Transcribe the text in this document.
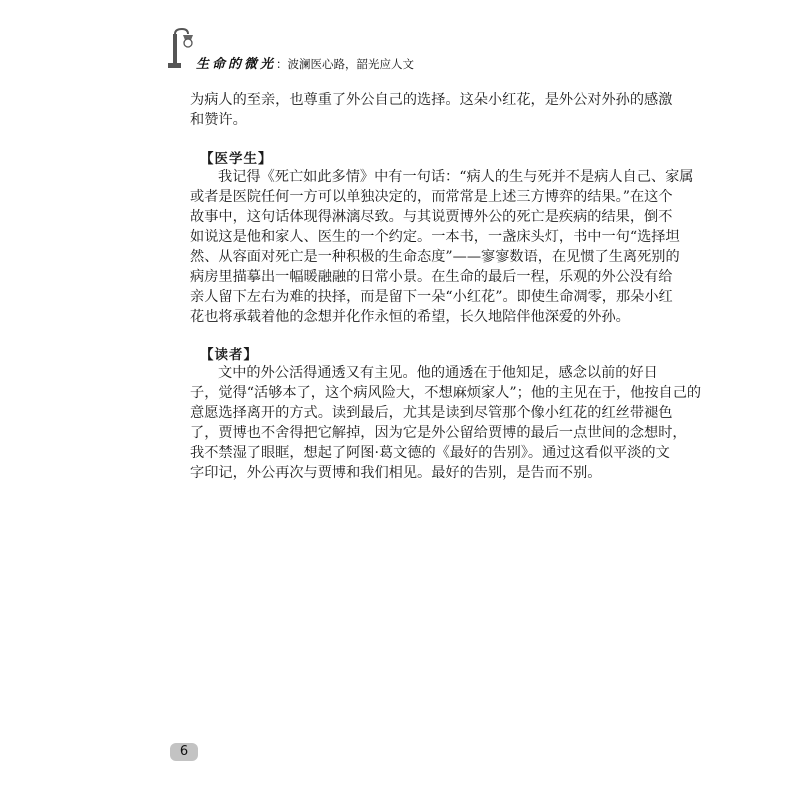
生命的微光：波澜医心路，韶光应人文
为病人的至亲，也尊重了外公自己的选择。这朵小红花，是外公对外孙的感激
和赞许。
【医学生】
我记得《死亡如此多情》中有一句话：“病人的生与死并不是病人自己、家属
或者是医院任何一方可以单独决定的，而常常是上述三方博弈的结果。”在这个
故事中，这句话体现得淋漓尽致。与其说贾博外公的死亡是疾病的结果，倒不
如说这是他和家人、医生的一个约定。一本书，一盏床头灯，书中一句“选择坦
然、从容面对死亡是一种积极的生命态度”——寥寥数语，在见惯了生离死别的
病房里描摹出一幅暖融融的日常小景。在生命的最后一程，乐观的外公没有给
亲人留下左右为难的抉择，而是留下一朵“小红花”。即使生命凋零，那朵小红
花也将承载着他的念想并化作永恒的希望，长久地陪伴他深爱的外孙。
【读者】
文中的外公活得通透又有主见。他的通透在于他知足，感念以前的好日
子，觉得“活够本了，这个病风险大，不想麻烦家人”；他的主见在于，他按自己的
意愿选择离开的方式。读到最后，尤其是读到尽管那个像小红花的红丝带褪色
了，贾博也不舍得把它解掉，因为它是外公留给贾博的最后一点世间的念想时，
我不禁湿了眼眶，想起了阿图·葛文德的《最好的告别》。通过这看似平淡的文
字印记，外公再次与贾博和我们相见。最好的告别，是告而不别。
6
